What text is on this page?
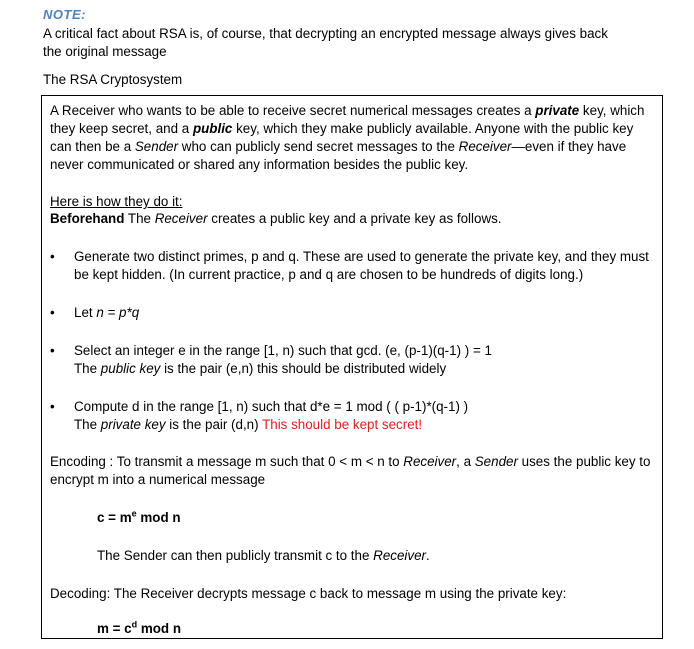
NOTE:
A critical fact about RSA is, of course, that decrypting an encrypted message always gives back
the original message
The RSA Cryptosystem
A Receiver who wants to be able to receive secret numerical messages creates a private key, which they keep secret, and a public key, which they make publicly available. Anyone with the public key can then be a Sender who can publicly send secret messages to the Receiver—even if they have never communicated or shared any information besides the public key.
Here is how they do it:
Beforehand The Receiver creates a public key and a private key as follows.
• Generate two distinct primes, p and q. These are used to generate the private key, and they must be kept hidden. (In current practice, p and q are chosen to be hundreds of digits long.)
• Let n = p*q
• Select an integer e in the range [1, n) such that gcd. (e, (p-1)(q-1) ) = 1
The public key is the pair (e,n) this should be distributed widely
• Compute d in the range [1, n) such that d*e = 1 mod ( ( p-1)*(q-1) )
The private key is the pair (d,n) This should be kept secret!
Encoding : To transmit a message m such that 0 < m < n to Receiver, a Sender uses the public key to encrypt m into a numerical message
$c = m^e$ mod n
The Sender can then publicly transmit c to the Receiver.
Decoding: The Receiver decrypts message c back to message m using the private key:
$m = c^d$ mod n
